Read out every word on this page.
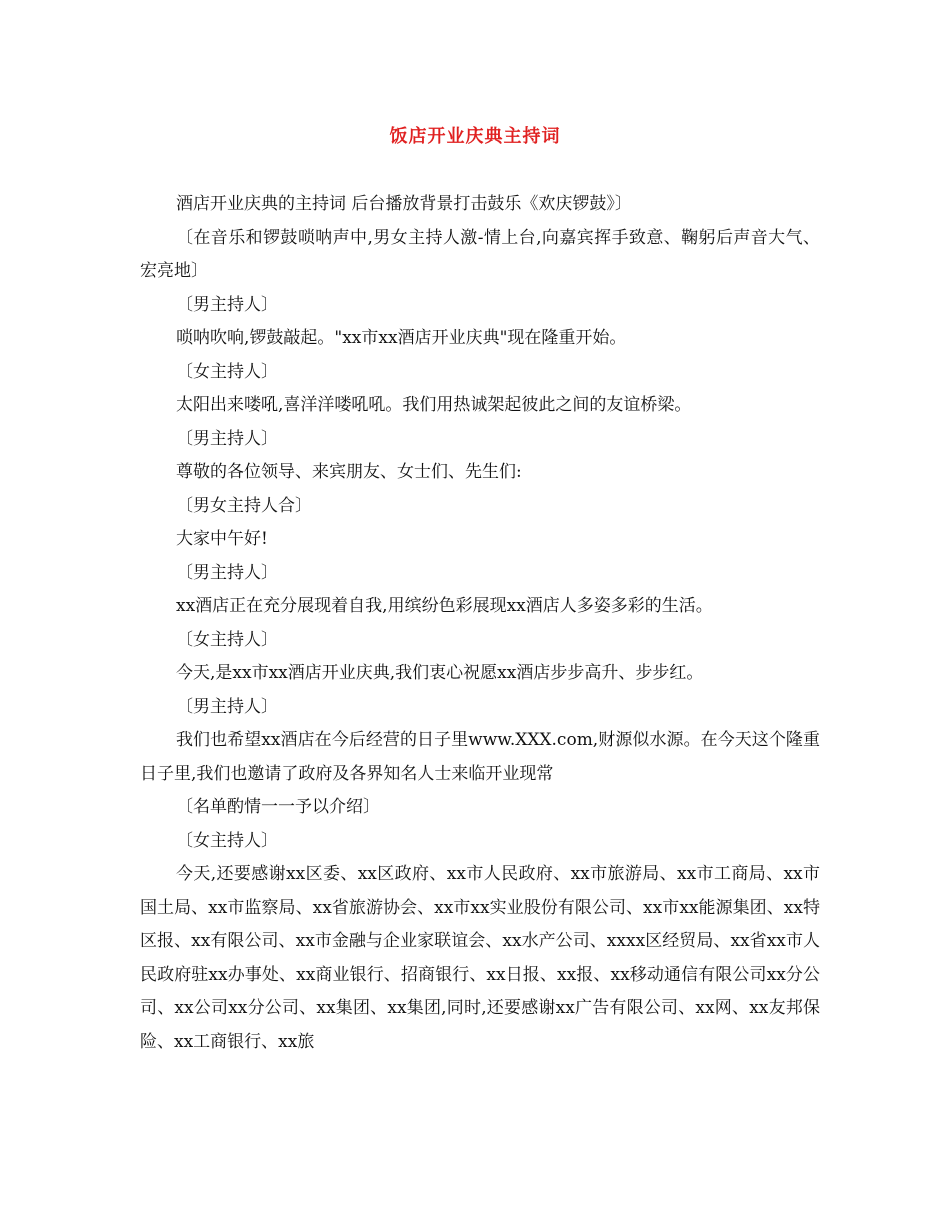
饭店开业庆典主持词

酒店开业庆典的主持词 后台播放背景打击鼓乐《欢庆锣鼓》〕

〔在音乐和锣鼓唢呐声中,男女主持人激-情上台,向嘉宾挥手致意、鞠躬后声音大气、宏亮地〕

〔男主持人〕

唢呐吹响,锣鼓敲起。"xx市xx酒店开业庆典"现在隆重开始。

〔女主持人〕

太阳出来喽吼,喜洋洋喽吼吼。我们用热诚架起彼此之间的友谊桥梁。

〔男主持人〕

尊敬的各位领导、来宾朋友、女士们、先生们:

〔男女主持人合〕

大家中午好!

〔男主持人〕

xx酒店正在充分展现着自我,用缤纷色彩展现xx酒店人多姿多彩的生活。

〔女主持人〕

今天,是xx市xx酒店开业庆典,我们衷心祝愿xx酒店步步高升、步步红。

〔男主持人〕

我们也希望xx酒店在今后经营的日子里www.XXX.com,财源似水源。在今天这个隆重日子里,我们也邀请了政府及各界知名人士来临开业现常

〔名单酌情一一予以介绍〕

〔女主持人〕

今天,还要感谢xx区委、xx区政府、xx市人民政府、xx市旅游局、xx市工商局、xx市国土局、xx市监察局、xx省旅游协会、xx市xx实业股份有限公司、xx市xx能源集团、xx特区报、xx有限公司、xx市金融与企业家联谊会、xx水产公司、xxxx区经贸局、xx省xx市人民政府驻xx办事处、xx商业银行、招商银行、xx日报、xx报、xx移动通信有限公司xx分公司、xx公司xx分公司、xx集团、xx集团,同时,还要感谢xx广告有限公司、xx网、xx友邦保险、xx工商银行、xx旅
